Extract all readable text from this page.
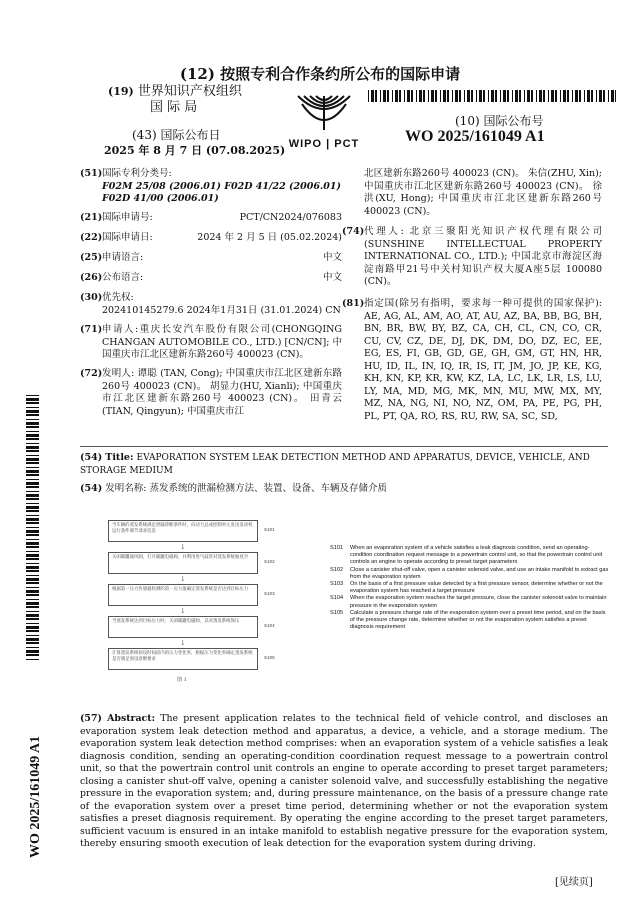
(12) 按照专利合作条约所公布的国际申请
(19) 世界知识产权组织
国 际 局
(43) 国际公布日
2025 年 8 月 7 日 (07.08.2025) WIPO | PCT
(10) 国际公布号
WO 2025/161049 A1
WO 2025/161049 A1
(51) 国际专利分类号:
F02M 25/08 (2006.01) F02D 41/22 (2006.01)
F02D 41/00 (2006.01)
(21) 国际申请号:	PCT/CN2024/076083
(22) 国际申请日:	2024 年 2 月 5 日 (05.02.2024)
(25) 申请语言:	中文
(26) 公布语言:	中文
(30) 优先权:
202410145279.6 2024年1月31日 (31.01.2024) CN
(71) 申请人:重庆长安汽车股份有限公司(CHONGQING CHANGAN AUTOMOBILE CO., LTD.) [CN/CN]; 中国重庆市江北区建新东路260号 400023 (CN)。
(72) 发明人: 谭聪 (TAN, Cong); 中国重庆市江北区建新东路260号 400023 (CN)。 胡显力(HU, Xianli); 中国重庆市江北区建新东路260号 400023 (CN)。 田青云 (TIAN, Qingyun); 中国重庆市江
北区建新东路260号 400023 (CN)。 朱信(ZHU, Xin); 中国重庆市江北区建新东路260号 400023 (CN)。 徐洪(XU, Hong); 中国重庆市江北区建新东路260号 400023 (CN)。
(74) 代理人: 北京三聚阳光知识产权代理有限公司 (SUNSHINE INTELLECTUAL PROPERTY INTERNATIONAL CO., LTD.); 中国北京市海淀区海淀南路甲21号中关村知识产权大厦A座5层 100080 (CN)。
(81) 指定国(除另有指明，要求每一种可提供的国家保护): AE, AG, AL, AM, AO, AT, AU, AZ, BA, BB, BG, BH, BN, BR, BW, BY, BZ, CA, CH, CL, CN, CO, CR, CU, CV, CZ, DE, DJ, DK, DM, DO, DZ, EC, EE, EG, ES, FI, GB, GD, GE, GH, GM, GT, HN, HR, HU, ID, IL, IN, IQ, IR, IS, IT, JM, JO, JP, KE, KG, KH, KN, KP, KR, KW, KZ, LA, LC, LK, LR, LS, LU, LY, MA, MD, MG, MK, MN, MU, MW, MX, MY, MZ, NA, NG, NI, NO, NZ, OM, PA, PE, PG, PH, PL, PT, QA, RO, RS, RU, RW, SA, SC, SD,
(54) Title: EVAPORATION SYSTEM LEAK DETECTION METHOD AND APPARATUS, DEVICE, VEHICLE, AND STORAGE MEDIUM
(54) 发明名称: 蒸发系统的泄漏检测方法、装置、设备、车辆及存储介质
当车辆的蒸发系统满足泄漏诊断条件时，向动力总成控制单元发送发动机运行条件调节请求信息	S101
↓
关闭碳罐通风阀，打开碳罐电磁阀，并利用进气歧管对蒸发系统抽真空
S102
↓
根据第一压力传感器检测的第一压力值确定蒸发系统是否达到目标压力
S103
↓
当蒸发系统达到目标压力时，关闭碳罐电磁阀，以对蒸发系统保压
S104
↓
计算蒸发系统预设时间段内的压力变化率，根据压力变化率确定蒸发系统是否满足预设诊断要求	S105
图 1
S101	When an evaporation system of a vehicle satisfies a leak diagnosis condition, send an operating-condition coordination request message to a powertrain control unit, so that the powertrain control unit controls an engine to operate according to preset target parameters
S102	Close a canister shut-off valve, open a canister solenoid valve, and use an intake manifold to extract gas from the evaporation system
S103	On the basis of a first pressure value detected by a first pressure sensor, determine whether or not the evaporation system has reached a target pressure
S104	When the evaporation system reaches the target pressure, close the canister solenoid valve to maintain pressure in the evaporation system
S105	Calculate a pressure change rate of the evaporation system over a preset time period, and on the basis of the pressure change rate, determine whether or not the evaporation system satisfies a preset diagnosis requirement
(57) Abstract: The present application relates to the technical field of vehicle control, and discloses an evaporation system leak detection method and apparatus, a device, a vehicle, and a storage medium. The evaporation system leak detection method comprises: when an evaporation system of a vehicle satisfies a leak diagnosis condition, sending an operating-condition coordination request message to a powertrain control unit, so that the powertrain control unit controls an engine to operate according to preset target parameters; closing a canister shut-off valve, opening a canister solenoid valve, and successfully establishing the negative pressure in the evaporation system; and, during pressure maintenance, on the basis of a pressure change rate of the evaporation system over a preset time period, determining whether or not the evaporation system satisfies a preset diagnosis requirement. By operating the engine according to the preset target parameters, sufficient vacuum is ensured in an intake manifold to establish negative pressure for the evaporation system, thereby ensuring smooth execution of leak detection for the evaporation system during driving.
[见续页]
